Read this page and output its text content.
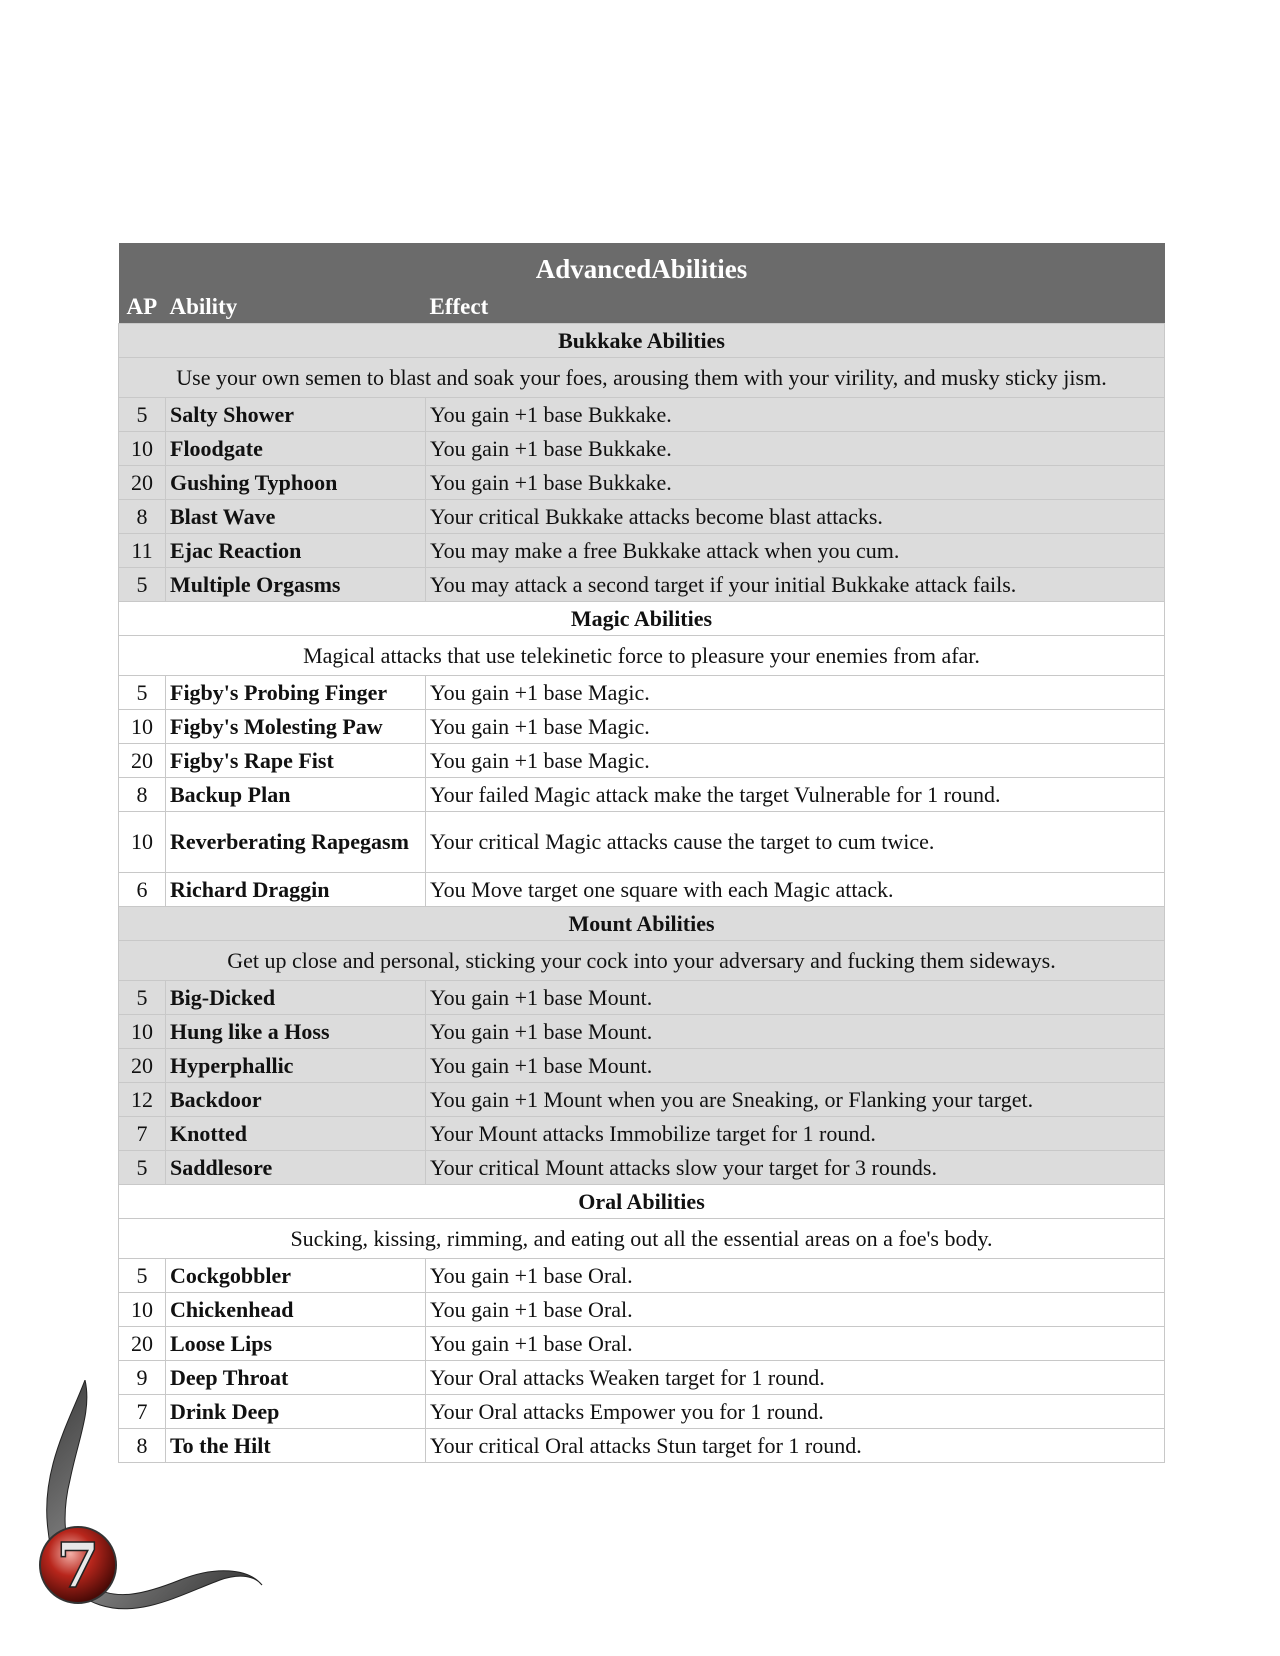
AdvancedAbilities		
AP	Ability	Effect
Bukkake Abilities		
Use your own semen to blast and soak your foes, arousing them with your virility, and musky sticky jism.		
5	Salty Shower	You gain +1 base Bukkake.
10	Floodgate	You gain +1 base Bukkake.
20	Gushing Typhoon	You gain +1 base Bukkake.
8	Blast Wave	Your critical Bukkake attacks become blast attacks.
11	Ejac Reaction	You may make a free Bukkake attack when you cum.
5	Multiple Orgasms	You may attack a second target if your initial Bukkake attack fails.
Magic Abilities		
Magical attacks that use telekinetic force to pleasure your enemies from afar.		
5	Figby's Probing Finger	You gain +1 base Magic.
10	Figby's Molesting Paw	You gain +1 base Magic.
20	Figby's Rape Fist	You gain +1 base Magic.
8	Backup Plan	Your failed Magic attack make the target Vulnerable for 1 round.
10	Reverberating Rapegasm	Your critical Magic attacks cause the target to cum twice.
6	Richard Draggin	You Move target one square with each Magic attack.
Mount Abilities		
Get up close and personal, sticking your cock into your adversary and fucking them sideways.		
5	Big-Dicked	You gain +1 base Mount.
10	Hung like a Hoss	You gain +1 base Mount.
20	Hyperphallic	You gain +1 base Mount.
12	Backdoor	You gain +1 Mount when you are Sneaking, or Flanking your target.
7	Knotted	Your Mount attacks Immobilize target for 1 round.
5	Saddlesore	Your critical Mount attacks slow your target for 3 rounds.
Oral Abilities		
Sucking, kissing, rimming, and eating out all the essential areas on a foe's body.		
5	Cockgobbler	You gain +1 base Oral.
10	Chickenhead	You gain +1 base Oral.
20	Loose Lips	You gain +1 base Oral.
9	Deep Throat	Your Oral attacks Weaken target for 1 round.
7	Drink Deep	Your Oral attacks Empower you for 1 round.
8	To the Hilt	Your critical Oral attacks Stun target for 1 round.
7
